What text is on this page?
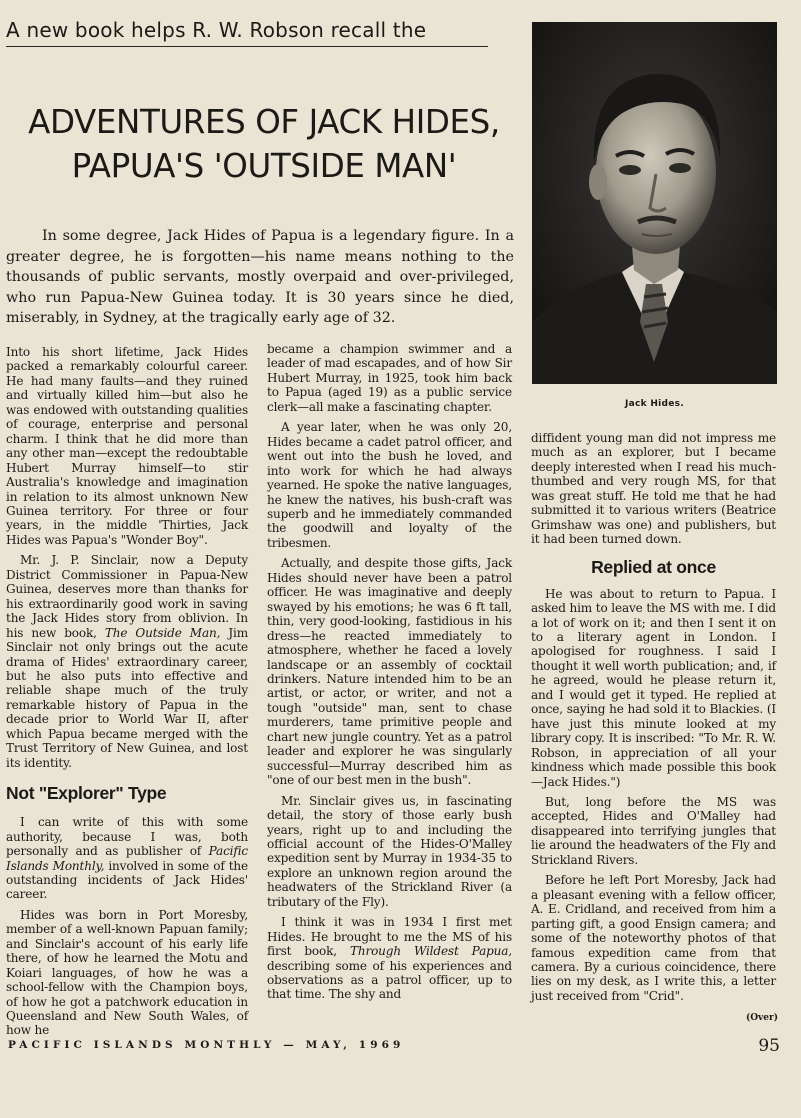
A new book helps R. W. Robson recall the
ADVENTURES OF JACK HIDES,
PAPUA'S 'OUTSIDE MAN'
In some degree, Jack Hides of Papua is a legendary figure. In a greater degree, he is forgotten—his name means nothing to the thousands of public servants, mostly overpaid and over-privileged, who run Papua-New Guinea today. It is 30 years since he died, miserably, in Sydney, at the tragically early age of 32.
Jack Hides.

Into his short lifetime, Jack Hides packed a remarkably colourful career. He had many faults—and they ruined and virtually killed him—but also he was endowed with outstanding qualities of courage, enterprise and personal charm. I think that he did more than any other man—except the redoubtable Hubert Murray himself—to stir Australia's knowledge and imagination in relation to its almost unknown New Guinea territory. For three or four years, in the middle 'Thirties, Jack Hides was Papua's "Wonder Boy".

Mr. J. P. Sinclair, now a Deputy District Commissioner in Papua-New Guinea, deserves more than thanks for his extraordinarily good work in saving the Jack Hides story from oblivion. In his new book, The Outside Man, Jim Sinclair not only brings out the acute drama of Hides' extraordinary career, but he also puts into effective and reliable shape much of the truly remarkable history of Papua in the decade prior to World War II, after which Papua became merged with the Trust Territory of New Guinea, and lost its identity.

Not "Explorer" Type

I can write of this with some authority, because I was, both personally and as publisher of Pacific Islands Monthly, involved in some of the outstanding incidents of Jack Hides' career.

Hides was born in Port Moresby, member of a well-known Papuan family; and Sinclair's account of his early life there, of how he learned the Motu and Koiari languages, of how he was a school-fellow with the Champion boys, of how he got a patchwork education in Queensland and New South Wales, of how he

became a champion swimmer and a leader of mad escapades, and of how Sir Hubert Murray, in 1925, took him back to Papua (aged 19) as a public service clerk—all make a fascinating chapter.

A year later, when he was only 20, Hides became a cadet patrol officer, and went out into the bush he loved, and into work for which he had always yearned. He spoke the native languages, he knew the natives, his bush-craft was superb and he immediately commanded the goodwill and loyalty of the tribesmen.

Actually, and despite those gifts, Jack Hides should never have been a patrol officer. He was imaginative and deeply swayed by his emotions; he was 6 ft tall, thin, very good-looking, fastidious in his dress—he reacted immediately to atmosphere, whether he faced a lovely landscape or an assembly of cocktail drinkers. Nature intended him to be an artist, or actor, or writer, and not a tough "outside" man, sent to chase murderers, tame primitive people and chart new jungle country. Yet as a patrol leader and explorer he was singularly successful—Murray described him as "one of our best men in the bush".

Mr. Sinclair gives us, in fascinating detail, the story of those early bush years, right up to and including the official account of the Hides-O'Malley expedition sent by Murray in 1934-35 to explore an unknown region around the headwaters of the Strickland River (a tributary of the Fly).

I think it was in 1934 I first met Hides. He brought to me the MS of his first book, Through Wildest Papua, describing some of his experiences and observations as a patrol officer, up to that time. The shy and

diffident young man did not impress me much as an explorer, but I became deeply interested when I read his much-thumbed and very rough MS, for that was great stuff. He told me that he had submitted it to various writers (Beatrice Grimshaw was one) and publishers, but it had been turned down.

Replied at once

He was about to return to Papua. I asked him to leave the MS with me. I did a lot of work on it; and then I sent it on to a literary agent in London. I apologised for roughness. I said I thought it well worth publication; and, if he agreed, would he please return it, and I would get it typed. He replied at once, saying he had sold it to Blackies. (I have just this minute looked at my library copy. It is inscribed: "To Mr. R. W. Robson, in appreciation of all your kindness which made possible this book—Jack Hides.")

But, long before the MS was accepted, Hides and O'Malley had disappeared into terrifying jungles that lie around the headwaters of the Fly and Strickland Rivers.

Before he left Port Moresby, Jack had a pleasant evening with a fellow officer, A. E. Cridland, and received from him a parting gift, a good Ensign camera; and some of the noteworthy photos of that famous expedition came from that camera. By a curious coincidence, there lies on my desk, as I write this, a letter just received from "Crid".

(Over)
PACIFIC ISLANDS MONTHLY — MAY, 1969	95
